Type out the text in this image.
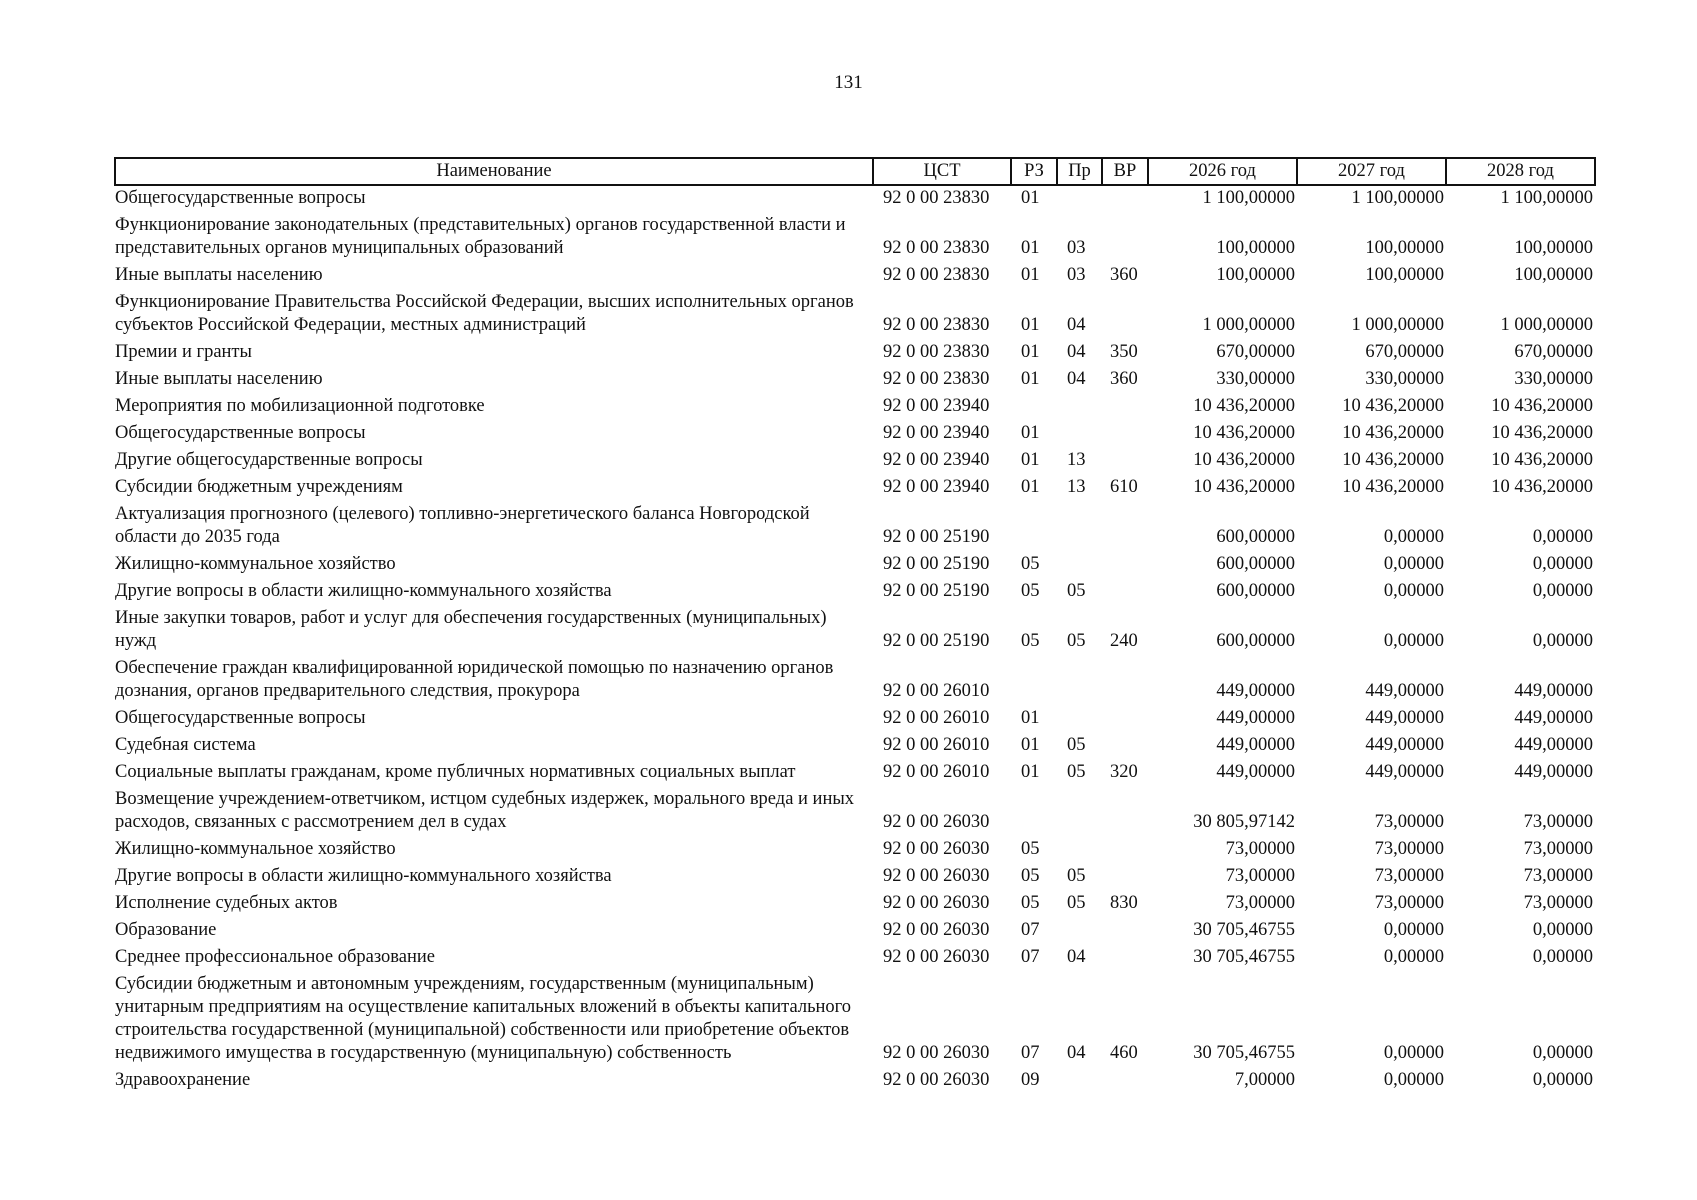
131
Наименование	ЦСТ	РЗ	Пр	ВР	2026 год	2027 год	2028 год
Общегосударственные вопросы	92 0 00 23830	01			1 100,00000	1 100,00000	1 100,00000
Функционирование законодательных (представительных) органов государственной власти и представительных органов муниципальных образований	92 0 00 23830	01	03		100,00000	100,00000	100,00000
Иные выплаты населению	92 0 00 23830	01	03	360	100,00000	100,00000	100,00000
Функционирование Правительства Российской Федерации, высших исполнительных органов субъектов Российской Федерации, местных администраций	92 0 00 23830	01	04		1 000,00000	1 000,00000	1 000,00000
Премии и гранты	92 0 00 23830	01	04	350	670,00000	670,00000	670,00000
Иные выплаты населению	92 0 00 23830	01	04	360	330,00000	330,00000	330,00000
Мероприятия по мобилизационной подготовке	92 0 00 23940				10 436,20000	10 436,20000	10 436,20000
Общегосударственные вопросы	92 0 00 23940	01			10 436,20000	10 436,20000	10 436,20000
Другие общегосударственные вопросы	92 0 00 23940	01	13		10 436,20000	10 436,20000	10 436,20000
Субсидии бюджетным учреждениям	92 0 00 23940	01	13	610	10 436,20000	10 436,20000	10 436,20000
Актуализация прогнозного (целевого) топливно-энергетического баланса Новгородской области до 2035 года	92 0 00 25190				600,00000	0,00000	0,00000
Жилищно-коммунальное хозяйство	92 0 00 25190	05			600,00000	0,00000	0,00000
Другие вопросы в области жилищно-коммунального хозяйства	92 0 00 25190	05	05		600,00000	0,00000	0,00000
Иные закупки товаров, работ и услуг для обеспечения государственных (муниципальных) нужд	92 0 00 25190	05	05	240	600,00000	0,00000	0,00000
Обеспечение граждан квалифицированной юридической помощью по назначению органов дознания, органов предварительного следствия, прокурора	92 0 00 26010				449,00000	449,00000	449,00000
Общегосударственные вопросы	92 0 00 26010	01			449,00000	449,00000	449,00000
Судебная система	92 0 00 26010	01	05		449,00000	449,00000	449,00000
Социальные выплаты гражданам, кроме публичных нормативных социальных выплат	92 0 00 26010	01	05	320	449,00000	449,00000	449,00000
Возмещение учреждением-ответчиком, истцом судебных издержек, морального вреда и иных расходов, связанных с рассмотрением дел в судах	92 0 00 26030				30 805,97142	73,00000	73,00000
Жилищно-коммунальное хозяйство	92 0 00 26030	05			73,00000	73,00000	73,00000
Другие вопросы в области жилищно-коммунального хозяйства	92 0 00 26030	05	05		73,00000	73,00000	73,00000
Исполнение судебных актов	92 0 00 26030	05	05	830	73,00000	73,00000	73,00000
Образование	92 0 00 26030	07			30 705,46755	0,00000	0,00000
Среднее профессиональное образование	92 0 00 26030	07	04		30 705,46755	0,00000	0,00000
Субсидии бюджетным и автономным учреждениям, государственным (муниципальным) унитарным предприятиям на осуществление капитальных вложений в объекты капитального строительства государственной (муниципальной) собственности или приобретение объектов недвижимого имущества в государственную (муниципальную) собственность	92 0 00 26030	07	04	460	30 705,46755	0,00000	0,00000
Здравоохранение	92 0 00 26030	09			7,00000	0,00000	0,00000
